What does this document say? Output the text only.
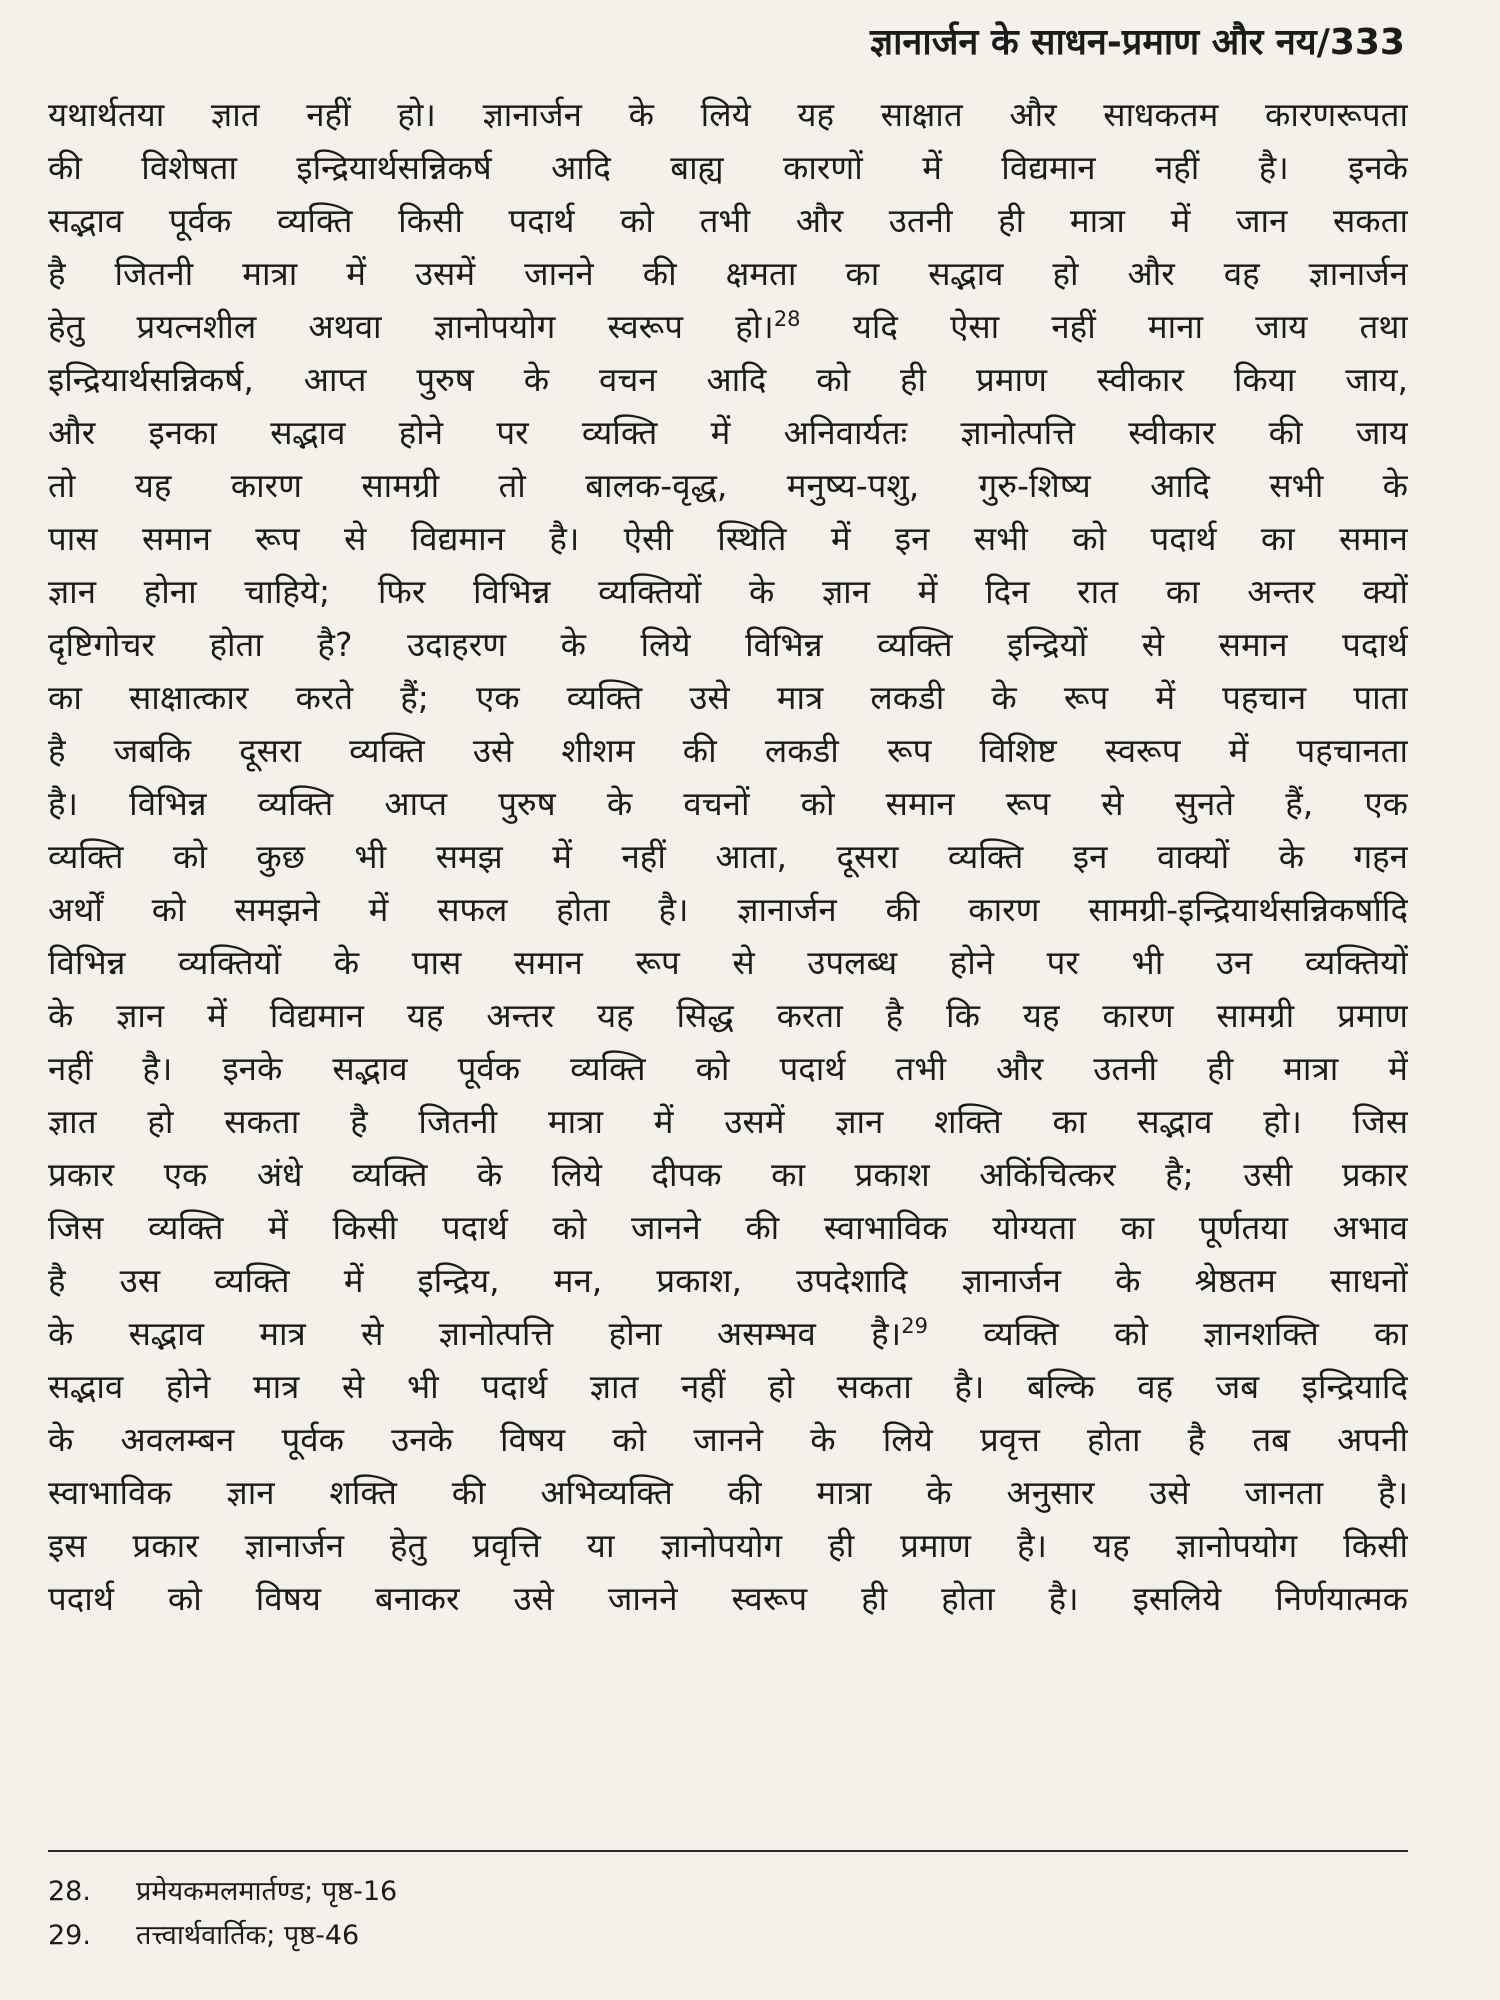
ज्ञानार्जन के साधन-प्रमाण और नय/333
यथार्थतया ज्ञात नहीं हो। ज्ञानार्जन के लिये यह साक्षात और साधकतम कारणरूपता
की विशेषता इन्द्रियार्थसन्निकर्ष आदि बाह्य कारणों में विद्यमान नहीं है। इनके
सद्भाव पूर्वक व्यक्ति किसी पदार्थ को तभी और उतनी ही मात्रा में जान सकता
है जितनी मात्रा में उसमें जानने की क्षमता का सद्भाव हो और वह ज्ञानार्जन
हेतु प्रयत्नशील अथवा ज्ञानोपयोग स्वरूप हो।$^{28}$ यदि ऐसा नहीं माना जाय तथा
इन्द्रियार्थसन्निकर्ष, आप्त पुरुष के वचन आदि को ही प्रमाण स्वीकार किया जाय,
और इनका सद्भाव होने पर व्यक्ति में अनिवार्यतः ज्ञानोत्पत्ति स्वीकार की जाय
तो यह कारण सामग्री तो बालक-वृद्ध, मनुष्य-पशु, गुरु-शिष्य आदि सभी के
पास समान रूप से विद्यमान है। ऐसी स्थिति में इन सभी को पदार्थ का समान
ज्ञान होना चाहिये; फिर विभिन्न व्यक्तियों के ज्ञान में दिन रात का अन्तर क्यों
दृष्टिगोचर होता है? उदाहरण के लिये विभिन्न व्यक्ति इन्द्रियों से समान पदार्थ
का साक्षात्कार करते हैं; एक व्यक्ति उसे मात्र लकडी के रूप में पहचान पाता
है जबकि दूसरा व्यक्ति उसे शीशम की लकडी रूप विशिष्ट स्वरूप में पहचानता
है। विभिन्न व्यक्ति आप्त पुरुष के वचनों को समान रूप से सुनते हैं, एक
व्यक्ति को कुछ भी समझ में नहीं आता, दूसरा व्यक्ति इन वाक्यों के गहन
अर्थों को समझने में सफल होता है। ज्ञानार्जन की कारण सामग्री-इन्द्रियार्थसन्निकर्षादि
विभिन्न व्यक्तियों के पास समान रूप से उपलब्ध होने पर भी उन व्यक्तियों
के ज्ञान में विद्यमान यह अन्तर यह सिद्ध करता है कि यह कारण सामग्री प्रमाण
नहीं है। इनके सद्भाव पूर्वक व्यक्ति को पदार्थ तभी और उतनी ही मात्रा में
ज्ञात हो सकता है जितनी मात्रा में उसमें ज्ञान शक्ति का सद्भाव हो। जिस
प्रकार एक अंधे व्यक्ति के लिये दीपक का प्रकाश अकिंचित्कर है; उसी प्रकार
जिस व्यक्ति में किसी पदार्थ को जानने की स्वाभाविक योग्यता का पूर्णतया अभाव
है उस व्यक्ति में इन्द्रिय, मन, प्रकाश, उपदेशादि ज्ञानार्जन के श्रेष्ठतम साधनों
के सद्भाव मात्र से ज्ञानोत्पत्ति होना असम्भव है।$^{29}$ व्यक्ति को ज्ञानशक्ति का
सद्भाव होने मात्र से भी पदार्थ ज्ञात नहीं हो सकता है। बल्कि वह जब इन्द्रियादि
के अवलम्बन पूर्वक उनके विषय को जानने के लिये प्रवृत्त होता है तब अपनी
स्वाभाविक ज्ञान शक्ति की अभिव्यक्ति की मात्रा के अनुसार उसे जानता है।
इस प्रकार ज्ञानार्जन हेतु प्रवृत्ति या ज्ञानोपयोग ही प्रमाण है। यह ज्ञानोपयोग किसी
पदार्थ को विषय बनाकर उसे जानने स्वरूप ही होता है। इसलिये निर्णयात्मक
28.	प्रमेयकमलमार्तण्ड; पृष्ठ-16
29.	तत्त्वार्थवार्तिक; पृष्ठ-46
